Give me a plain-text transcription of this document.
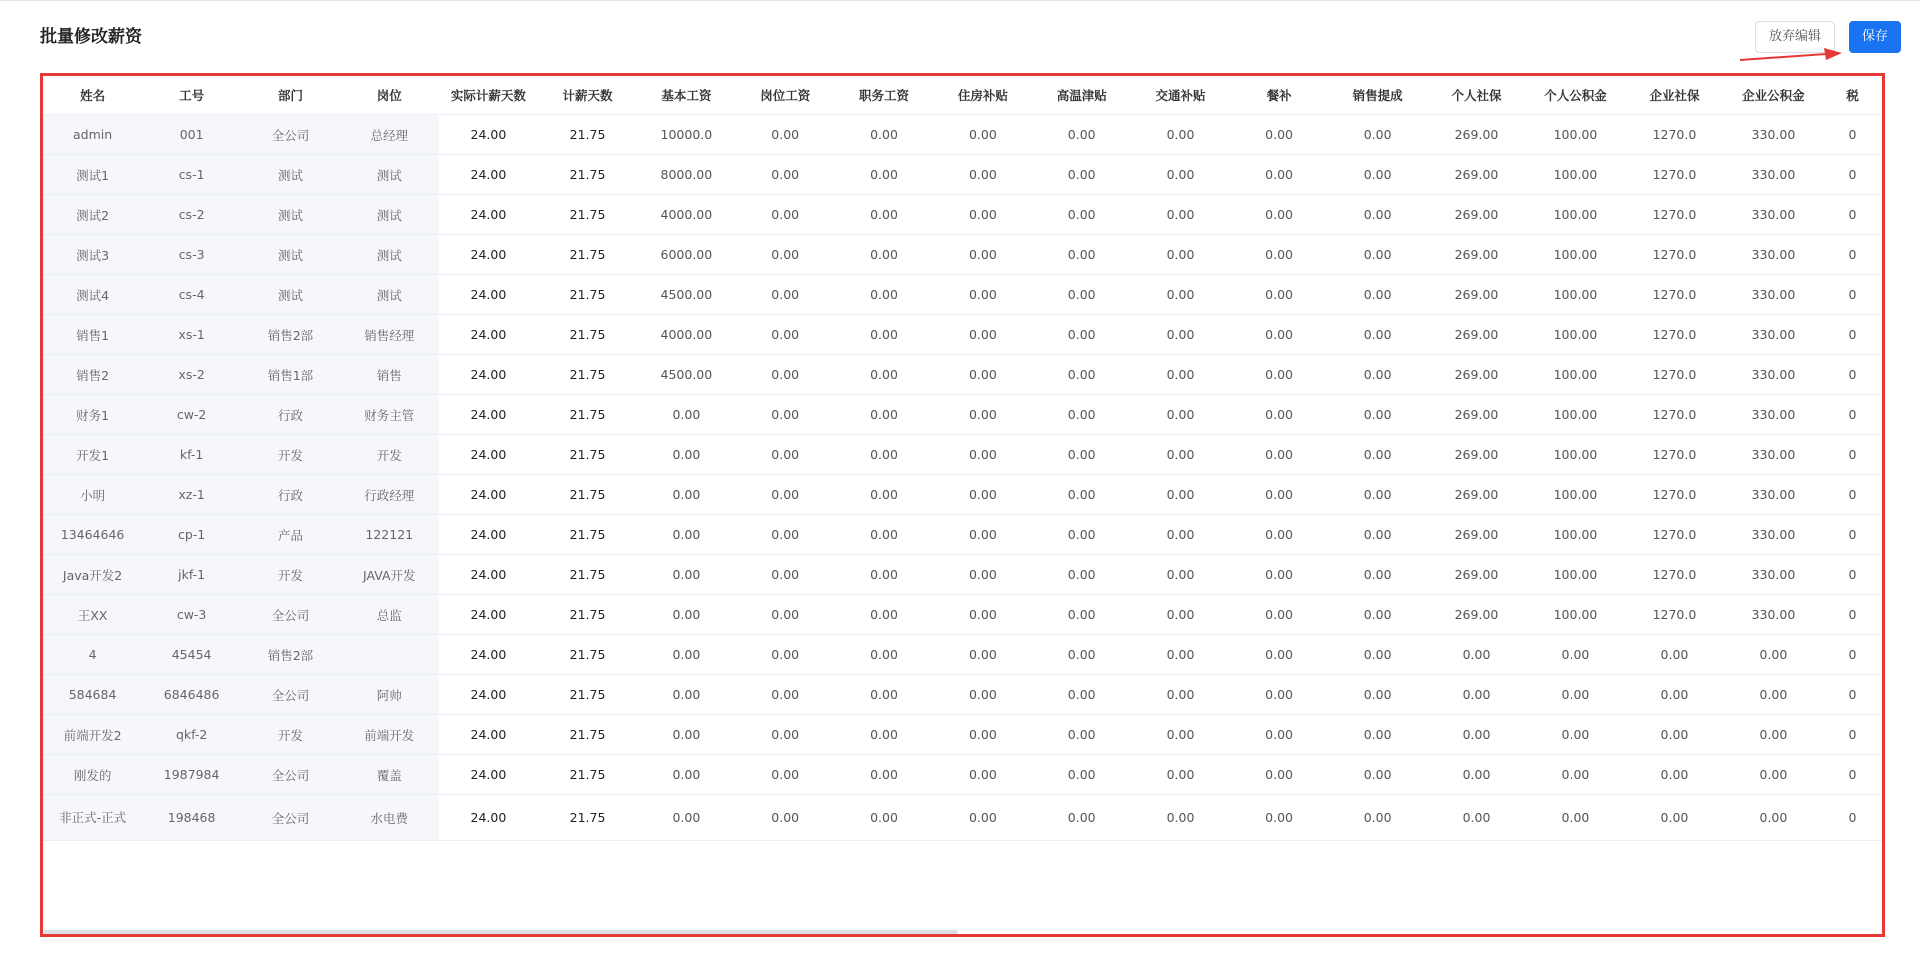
批量修改薪资	放弃编辑	保存
姓名	工号	部门	岗位	实际计薪天数	计薪天数	基本工资	岗位工资	职务工资	住房补贴	高温津贴	交通补贴	餐补	销售提成	个人社保	个人公积金	企业社保	企业公积金	税
admin	001	全公司	总经理	24.00	21.75	10000.0	0.00	0.00	0.00	0.00	0.00	0.00	0.00	269.00	100.00	1270.0	330.00	0
测试1	cs-1	测试	测试	24.00	21.75	8000.00	0.00	0.00	0.00	0.00	0.00	0.00	0.00	269.00	100.00	1270.0	330.00	0
测试2	cs-2	测试	测试	24.00	21.75	4000.00	0.00	0.00	0.00	0.00	0.00	0.00	0.00	269.00	100.00	1270.0	330.00	0
测试3	cs-3	测试	测试	24.00	21.75	6000.00	0.00	0.00	0.00	0.00	0.00	0.00	0.00	269.00	100.00	1270.0	330.00	0
测试4	cs-4	测试	测试	24.00	21.75	4500.00	0.00	0.00	0.00	0.00	0.00	0.00	0.00	269.00	100.00	1270.0	330.00	0
销售1	xs-1	销售2部	销售经理	24.00	21.75	4000.00	0.00	0.00	0.00	0.00	0.00	0.00	0.00	269.00	100.00	1270.0	330.00	0
销售2	xs-2	销售1部	销售	24.00	21.75	4500.00	0.00	0.00	0.00	0.00	0.00	0.00	0.00	269.00	100.00	1270.0	330.00	0
财务1	cw-2	行政	财务主管	24.00	21.75	0.00	0.00	0.00	0.00	0.00	0.00	0.00	0.00	269.00	100.00	1270.0	330.00	0
开发1	kf-1	开发	开发	24.00	21.75	0.00	0.00	0.00	0.00	0.00	0.00	0.00	0.00	269.00	100.00	1270.0	330.00	0
小明	xz-1	行政	行政经理	24.00	21.75	0.00	0.00	0.00	0.00	0.00	0.00	0.00	0.00	269.00	100.00	1270.0	330.00	0
13464646	cp-1	产品	122121	24.00	21.75	0.00	0.00	0.00	0.00	0.00	0.00	0.00	0.00	269.00	100.00	1270.0	330.00	0
Java开发2	jkf-1	开发	JAVA开发	24.00	21.75	0.00	0.00	0.00	0.00	0.00	0.00	0.00	0.00	269.00	100.00	1270.0	330.00	0
王XX	cw-3	全公司	总监	24.00	21.75	0.00	0.00	0.00	0.00	0.00	0.00	0.00	0.00	269.00	100.00	1270.0	330.00	0
4	45454	销售2部		24.00	21.75	0.00	0.00	0.00	0.00	0.00	0.00	0.00	0.00	0.00	0.00	0.00	0.00	0
584684	6846486	全公司	阿帅	24.00	21.75	0.00	0.00	0.00	0.00	0.00	0.00	0.00	0.00	0.00	0.00	0.00	0.00	0
前端开发2	qkf-2	开发	前端开发	24.00	21.75	0.00	0.00	0.00	0.00	0.00	0.00	0.00	0.00	0.00	0.00	0.00	0.00	0
刚发的	1987984	全公司	覆盖	24.00	21.75	0.00	0.00	0.00	0.00	0.00	0.00	0.00	0.00	0.00	0.00	0.00	0.00	0
非正式-正式	198468	全公司	水电费	24.00	21.75	0.00	0.00	0.00	0.00	0.00	0.00	0.00	0.00	0.00	0.00	0.00	0.00	0
